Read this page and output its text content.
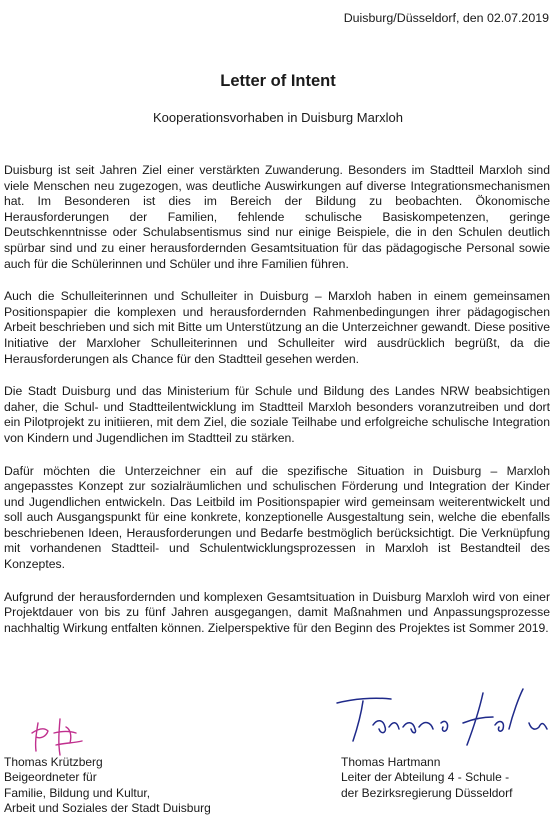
Duisburg/Düsseldorf, den 02.07.2019
Letter of Intent
Kooperationsvorhaben in Duisburg Marxloh

Duisburg ist seit Jahren Ziel einer verstärkten Zuwanderung. Besonders im Stadtteil Marxloh sind viele Menschen neu zugezogen, was deutliche Auswirkungen auf diverse Integrationsmechanismen hat. Im Besonderen ist dies im Bereich der Bildung zu beobachten. Ökonomische Herausforderungen der Familien, fehlende schulische Basiskompetenzen, geringe Deutschkenntnisse oder Schulabsentismus sind nur einige Beispiele, die in den Schulen deutlich spürbar sind und zu einer herausfordernden Gesamtsituation für das pädagogische Personal sowie auch für die Schülerinnen und Schüler und ihre Familien führen.

Auch die Schulleiterinnen und Schulleiter in Duisburg – Marxloh haben in einem gemeinsamen Positionspapier die komplexen und herausfordernden Rahmenbedingungen ihrer pädagogischen Arbeit beschrieben und sich mit Bitte um Unterstützung an die Unterzeichner gewandt. Diese positive Initiative der Marxloher Schulleiterinnen und Schulleiter wird ausdrücklich begrüßt, da die Herausforderungen als Chance für den Stadtteil gesehen werden.

Die Stadt Duisburg und das Ministerium für Schule und Bildung des Landes NRW beabsichtigen daher, die Schul- und Stadtteilentwicklung im Stadtteil Marxloh besonders voranzutreiben und dort ein Pilotprojekt zu initiieren, mit dem Ziel, die soziale Teilhabe und erfolgreiche schulische Integration von Kindern und Jugendlichen im Stadtteil zu stärken.

Dafür möchten die Unterzeichner ein auf die spezifische Situation in Duisburg – Marxloh angepasstes Konzept zur sozialräumlichen und schulischen Förderung und Integration der Kinder und Jugendlichen entwickeln. Das Leitbild im Positionspapier wird gemeinsam weiterentwickelt und soll auch Ausgangspunkt für eine konkrete, konzeptionelle Ausgestaltung sein, welche die ebenfalls beschriebenen Ideen, Herausforderungen und Bedarfe bestmöglich berücksichtigt. Die Verknüpfung mit vorhandenen Stadtteil- und Schulentwicklungsprozessen in Marxloh ist Bestandteil des Konzeptes.

Aufgrund der herausfordernden und komplexen Gesamtsituation in Duisburg Marxloh wird von einer Projektdauer von bis zu fünf Jahren ausgegangen, damit Maßnahmen und Anpassungsprozesse nachhaltig Wirkung entfalten können. Zielperspektive für den Beginn des Projektes ist Sommer 2019.

Thomas Krützberg
Beigeordneter für
Familie, Bildung und Kultur,
Arbeit und Soziales der Stadt Duisburg
Thomas Hartmann
Leiter der Abteilung 4 - Schule -
der Bezirksregierung Düsseldorf
